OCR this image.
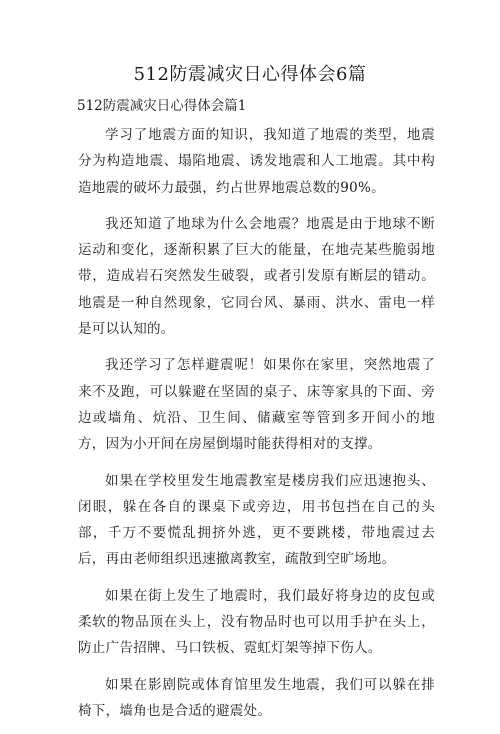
512防震减灾日心得体会6篇
512防震减灾日心得体会篇1

学习了地震方面的知识，我知道了地震的类型，地震分为构造地震、塌陷地震、诱发地震和人工地震。其中构造地震的破坏力最强，约占世界地震总数的90%。

我还知道了地球为什么会地震？地震是由于地球不断运动和变化，逐渐积累了巨大的能量，在地壳某些脆弱地带，造成岩石突然发生破裂，或者引发原有断层的错动。地震是一种自然现象，它同台风、暴雨、洪水、雷电一样是可以认知的。

我还学习了怎样避震呢！如果你在家里，突然地震了来不及跑，可以躲避在坚固的桌子、床等家具的下面、旁边或墙角、炕沿、卫生间、储藏室等管到多开间小的地方，因为小开间在房屋倒塌时能获得相对的支撑。

如果在学校里发生地震教室是楼房我们应迅速抱头、闭眼，躲在各自的课桌下或旁边，用书包挡在自己的头部，千万不要慌乱拥挤外逃，更不要跳楼，带地震过去后，再由老师组织迅速撤离教室，疏散到空旷场地。

如果在街上发生了地震时，我们最好将身边的皮包或柔软的物品顶在头上，没有物品时也可以用手护在头上，防止广告招牌、马口铁板、霓虹灯架等掉下伤人。

如果在影剧院或体育馆里发生地震，我们可以躲在排椅下，墙角也是合适的避震处。
